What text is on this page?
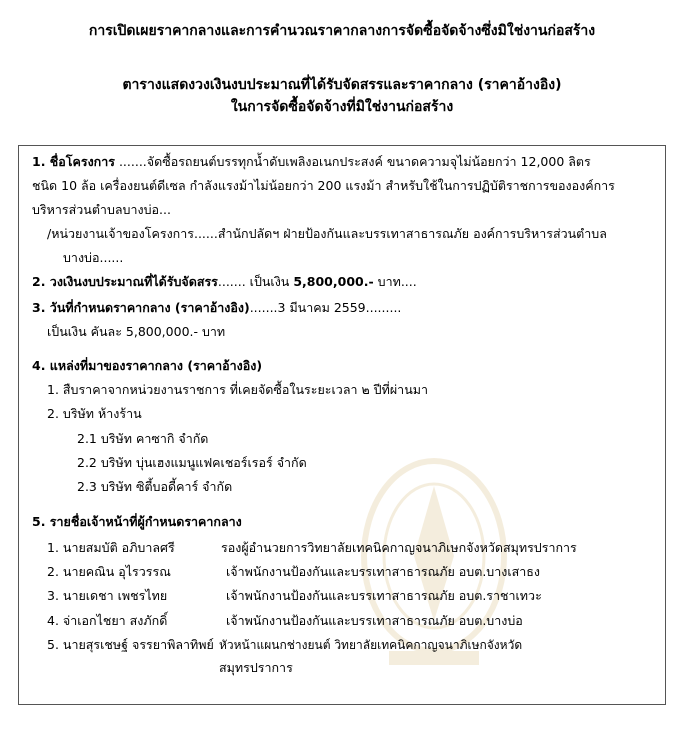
การเปิดเผยราคากลางและการคำนวณราคากลางการจัดซื้อจัดจ้างซึ่งมิใช่งานก่อสร้าง
ตารางแสดงวงเงินงบประมาณที่ได้รับจัดสรรและราคากลาง (ราคาอ้างอิง)
ในการจัดซื้อจัดจ้างที่มิใช่งานก่อสร้าง
1. ชื่อโครงการ .......จัดซื้อรถยนต์บรรทุกน้ำดับเพลิงอเนกประสงค์ ขนาดความจุไม่น้อยกว่า 12,000 ลิตร
ชนิด 10 ล้อ เครื่องยนต์ดีเซล กำลังแรงม้าไม่น้อยกว่า 200 แรงม้า สำหรับใช้ในการปฏิบัติราชการขององค์การ
บริหารส่วนตำบลบางบ่อ...
/หน่วยงานเจ้าของโครงการ......สำนักปลัดฯ ฝ่ายป้องกันและบรรเทาสาธารณภัย องค์การบริหารส่วนตำบล
บางบ่อ......
2. วงเงินงบประมาณที่ได้รับจัดสรร....... เป็นเงิน 5,800,000.- บาท....
3. วันที่กำหนดราคากลาง (ราคาอ้างอิง).......3 มีนาคม 2559.........
เป็นเงิน คันละ 5,800,000.- บาท
4. แหล่งที่มาของราคากลาง (ราคาอ้างอิง)
1. สืบราคาจากหน่วยงานราชการ ที่เคยจัดซื้อในระยะเวลา ๒ ปีที่ผ่านมา
2. บริษัท ห้างร้าน
2.1 บริษัท คาซากิ จำกัด
2.2 บริษัท บุ่นเฮงแมนูแฟคเชอร์เรอร์ จำกัด
2.3 บริษัท ซิตี้บอดี้คาร์ จำกัด
5. รายชื่อเจ้าหน้าที่ผู้กำหนดราคากลาง
1. นายสมบัติ อภิบาลศรี	รองผู้อำนวยการวิทยาลัยเทคนิคกาญจนาภิเษกจังหวัดสมุทรปราการ
2. นายคณิน อุไรวรรณ	เจ้าพนักงานป้องกันและบรรเทาสาธารณภัย อบต.บางเสาธง
3. นายเดชา เพชรไทย	เจ้าพนักงานป้องกันและบรรเทาสาธารณภัย อบต.ราชาเทวะ
4. จ่าเอกไชยา สงภักดิ์	เจ้าพนักงานป้องกันและบรรเทาสาธารณภัย อบต.บางบ่อ
5. นายสุรเชษฐ์ จรรยาพิลาทิพย์ หัวหน้าแผนกช่างยนต์ วิทยาลัยเทคนิคกาญจนาภิเษกจังหวัด
สมุทรปราการ
